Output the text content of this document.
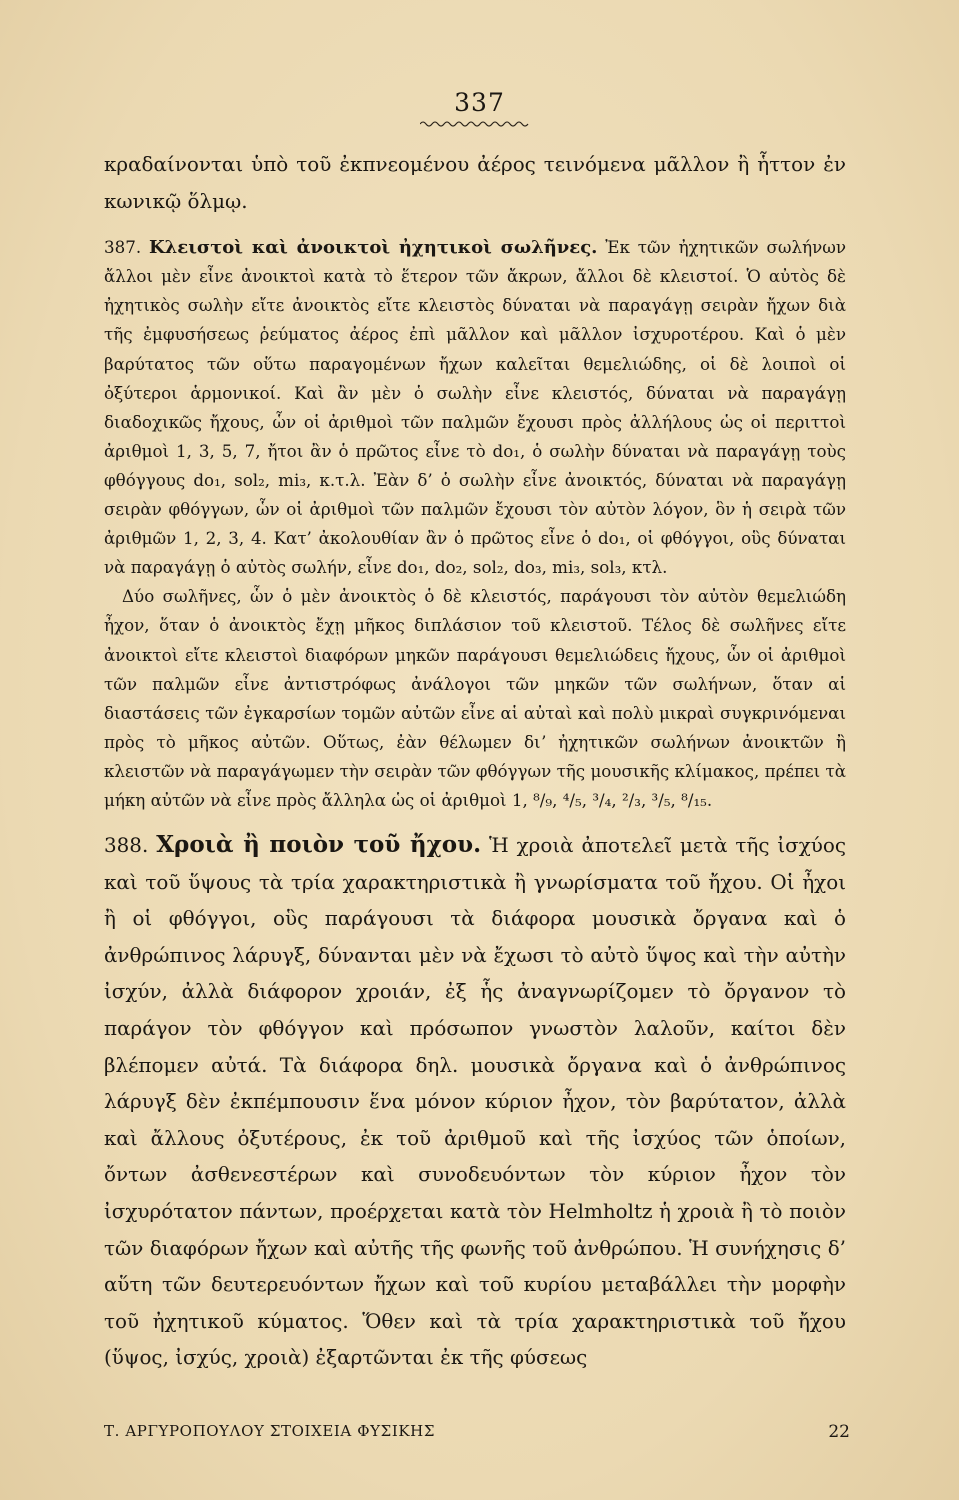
337

κραδαίνονται ὑπὸ τοῦ ἐκπνεομένου ἀέρος τεινόμενα μᾶλλον ἢ ἧττον ἐν κωνικῷ ὅλμῳ.

387. Κλειστοὶ καὶ ἀνοικτοὶ ἠχητικοὶ σωλῆνες. Ἐκ τῶν ἠχητικῶν σωλήνων ἄλλοι μὲν εἶνε ἀνοικτοὶ κατὰ τὸ ἕτερον τῶν ἄκρων, ἄλλοι δὲ κλειστοί. Ὁ αὐτὸς δὲ ἠχητικὸς σωλὴν εἴτε ἀνοικτὸς εἴτε κλειστὸς δύναται νὰ παραγάγῃ σειρὰν ἤχων διὰ τῆς ἐμφυσήσεως ῥεύματος ἀέρος ἐπὶ μᾶλλον καὶ μᾶλλον ἰσχυροτέρου. Καὶ ὁ μὲν βαρύτατος τῶν οὕτω παραγομένων ἤχων καλεῖται θεμελιώδης, οἱ δὲ λοιποὶ οἱ ὀξύτεροι ἁρμονικοί. Καὶ ἂν μὲν ὁ σωλὴν εἶνε κλειστός, δύναται νὰ παραγάγῃ διαδοχικῶς ἤχους, ὧν οἱ ἀριθμοὶ τῶν παλμῶν ἔχουσι πρὸς ἀλλήλους ὡς οἱ περιττοὶ ἀριθμοὶ 1, 3, 5, 7, ἤτοι ἂν ὁ πρῶτος εἶνε τὸ do₁, ὁ σωλὴν δύναται νὰ παραγάγῃ τοὺς φθόγγους do₁, sol₂, mi₃, κ.τ.λ. Ἐὰν δ’ ὁ σωλὴν εἶνε ἀνοικτός, δύναται νὰ παραγάγῃ σειρὰν φθόγγων, ὧν οἱ ἀριθμοὶ τῶν παλμῶν ἔχουσι τὸν αὐτὸν λόγον, ὃν ἡ σειρὰ τῶν ἀριθμῶν 1, 2, 3, 4. Κατ’ ἀκολουθίαν ἂν ὁ πρῶτος εἶνε ὁ do₁, οἱ φθόγγοι, οὓς δύναται νὰ παραγάγῃ ὁ αὐτὸς σωλήν, εἶνε do₁, do₂, sol₂, do₃, mi₃, sol₃, κτλ.

Δύο σωλῆνες, ὧν ὁ μὲν ἀνοικτὸς ὁ δὲ κλειστός, παράγουσι τὸν αὐτὸν θεμελιώδη ἦχον, ὅταν ὁ ἀνοικτὸς ἔχῃ μῆκος διπλάσιον τοῦ κλειστοῦ. Τέλος δὲ σωλῆνες εἴτε ἀνοικτοὶ εἴτε κλειστοὶ διαφόρων μηκῶν παράγουσι θεμελιώδεις ἤχους, ὧν οἱ ἀριθμοὶ τῶν παλμῶν εἶνε ἀντιστρόφως ἀνάλογοι τῶν μηκῶν τῶν σωλήνων, ὅταν αἱ διαστάσεις τῶν ἐγκαρσίων τομῶν αὐτῶν εἶνε αἱ αὐταὶ καὶ πολὺ μικραὶ συγκρινόμεναι πρὸς τὸ μῆκος αὐτῶν. Οὕτως, ἐὰν θέλωμεν διʼ ἠχητικῶν σωλήνων ἀνοικτῶν ἢ κλειστῶν νὰ παραγάγωμεν τὴν σειρὰν τῶν φθόγγων τῆς μουσικῆς κλίμακος, πρέπει τὰ μήκη αὐτῶν νὰ εἶνε πρὸς ἄλληλα ὡς οἱ ἀριθμοὶ 1, ⁸/₉, ⁴/₅, ³/₄, ²/₃, ³/₅, ⁸/₁₅.

388. Χροιὰ ἢ ποιὸν τοῦ ἤχου. Ἡ χροιὰ ἀποτελεῖ μετὰ τῆς ἰσχύος καὶ τοῦ ὕψους τὰ τρία χαρακτηριστικὰ ἢ γνωρίσματα τοῦ ἤχου. Οἱ ἦχοι ἢ οἱ φθόγγοι, οὓς παράγουσι τὰ διάφορα μουσικὰ ὄργανα καὶ ὁ ἀνθρώπινος λάρυγξ, δύνανται μὲν νὰ ἔχωσι τὸ αὐτὸ ὕψος καὶ τὴν αὐτὴν ἰσχύν, ἀλλὰ διάφορον χροιάν, ἐξ ἧς ἀναγνωρίζομεν τὸ ὄργανον τὸ παράγον τὸν φθόγγον καὶ πρόσωπον γνωστὸν λαλοῦν, καίτοι δὲν βλέπομεν αὐτά. Τὰ διάφορα δηλ. μουσικὰ ὄργανα καὶ ὁ ἀνθρώπινος λάρυγξ δὲν ἐκπέμπουσιν ἕνα μόνον κύριον ἦχον, τὸν βαρύτατον, ἀλλὰ καὶ ἄλλους ὀξυτέρους, ἐκ τοῦ ἀριθμοῦ καὶ τῆς ἰσχύος τῶν ὁποίων, ὄντων ἀσθενεστέρων καὶ συνοδευόντων τὸν κύριον ἦχον τὸν ἰσχυρότατον πάντων, προέρχεται κατὰ τὸν Helmholtz ἡ χροιὰ ἢ τὸ ποιὸν τῶν διαφόρων ἤχων καὶ αὐτῆς τῆς φωνῆς τοῦ ἀνθρώπου. Ἡ συνήχησις δ’ αὕτη τῶν δευτερευόντων ἤχων καὶ τοῦ κυρίου μεταβάλλει τὴν μορφὴν τοῦ ἠχητικοῦ κύματος. Ὅθεν καὶ τὰ τρία χαρακτηριστικὰ τοῦ ἤχου (ὕψος, ἰσχύς, χροιὰ) ἐξαρτῶνται ἐκ τῆς φύσεως

Τ. ΑΡΓΥΡΟΠΟΥΛΟΥ ΣΤΟΙΧΕΙΑ ΦΥΣΙΚΗΣ	22
